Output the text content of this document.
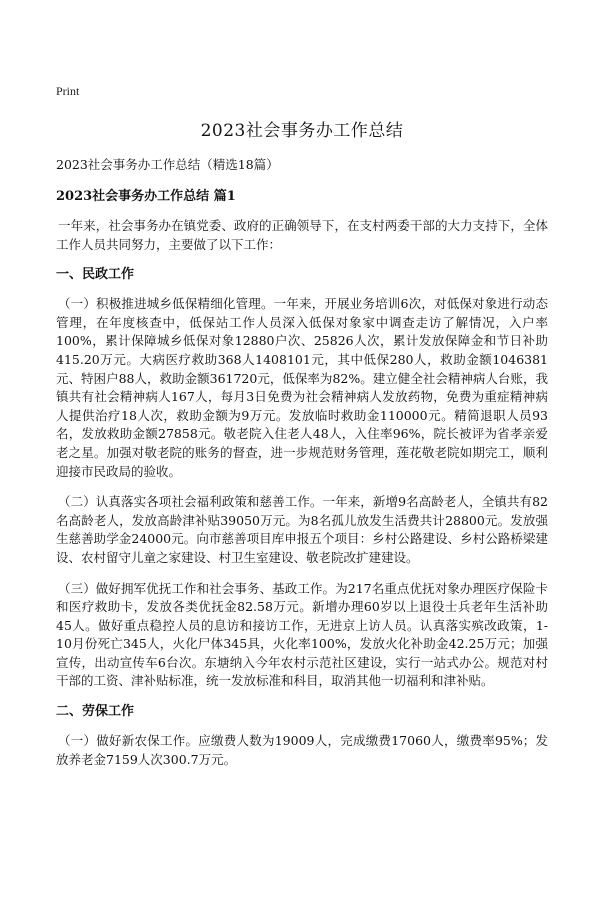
Print
2023社会事务办工作总结

2023社会事务办工作总结（精选18篇）

2023社会事务办工作总结 篇1

一年来，社会事务办在镇党委、政府的正确领导下，在支村两委干部的大力支持下，全体工作人员共同努力，主要做了以下工作：

一、民政工作

（一）积极推进城乡低保精细化管理。一年来，开展业务培训6次，对低保对象进行动态管理，在年度核查中，低保站工作人员深入低保对象家中调查走访了解情况，入户率100%，累计保障城乡低保对象12880户次、25826人次，累计发放保障金和节日补助415.20万元。大病医疗救助368人1408101元，其中低保280人，救助金额1046381元、特困户88人，救助金额361720元，低保率为82%。建立健全社会精神病人台账，我镇共有社会精神病人167人，每月3日免费为社会精神病人发放药物，免费为重症精神病人提供治疗18人次，救助金额为9万元。发放临时救助金110000元。精简退职人员93名，发放救助金额27858元。敬老院入住老人48人，入住率96%，院长被评为省孝亲爱老之星。加强对敬老院的账务的督查，进一步规范财务管理，莲花敬老院如期完工，顺利迎接市民政局的验收。

（二）认真落实各项社会福利政策和慈善工作。一年来，新增9名高龄老人，全镇共有82名高龄老人，发放高龄津补贴39050万元。为8名孤儿放发生活费共计28800元。发放强生慈善助学金24000元。向市慈善项目库申报五个项目：乡村公路建设、乡村公路桥梁建设、农村留守儿童之家建设、村卫生室建设、敬老院改扩建建设。

（三）做好拥军优抚工作和社会事务、基政工作。为217名重点优抚对象办理医疗保险卡和医疗救助卡，发放各类优抚金82.58万元。新增办理60岁以上退役士兵老年生活补助45人。做好重点稳控人员的息访和接访工作，无进京上访人员。认真落实殡改政策，1-10月份死亡345人，火化尸体345具，火化率100%，发放火化补助金42.25万元；加强宣传，出动宣传车6台次。东塘纳入今年农村示范社区建设，实行一站式办公。规范对村干部的工资、津补贴标准，统一发放标准和科目，取消其他一切福利和津补贴。

二、劳保工作

（一）做好新农保工作。应缴费人数为19009人，完成缴费17060人，缴费率95%；发放养老金7159人次300.7万元。
